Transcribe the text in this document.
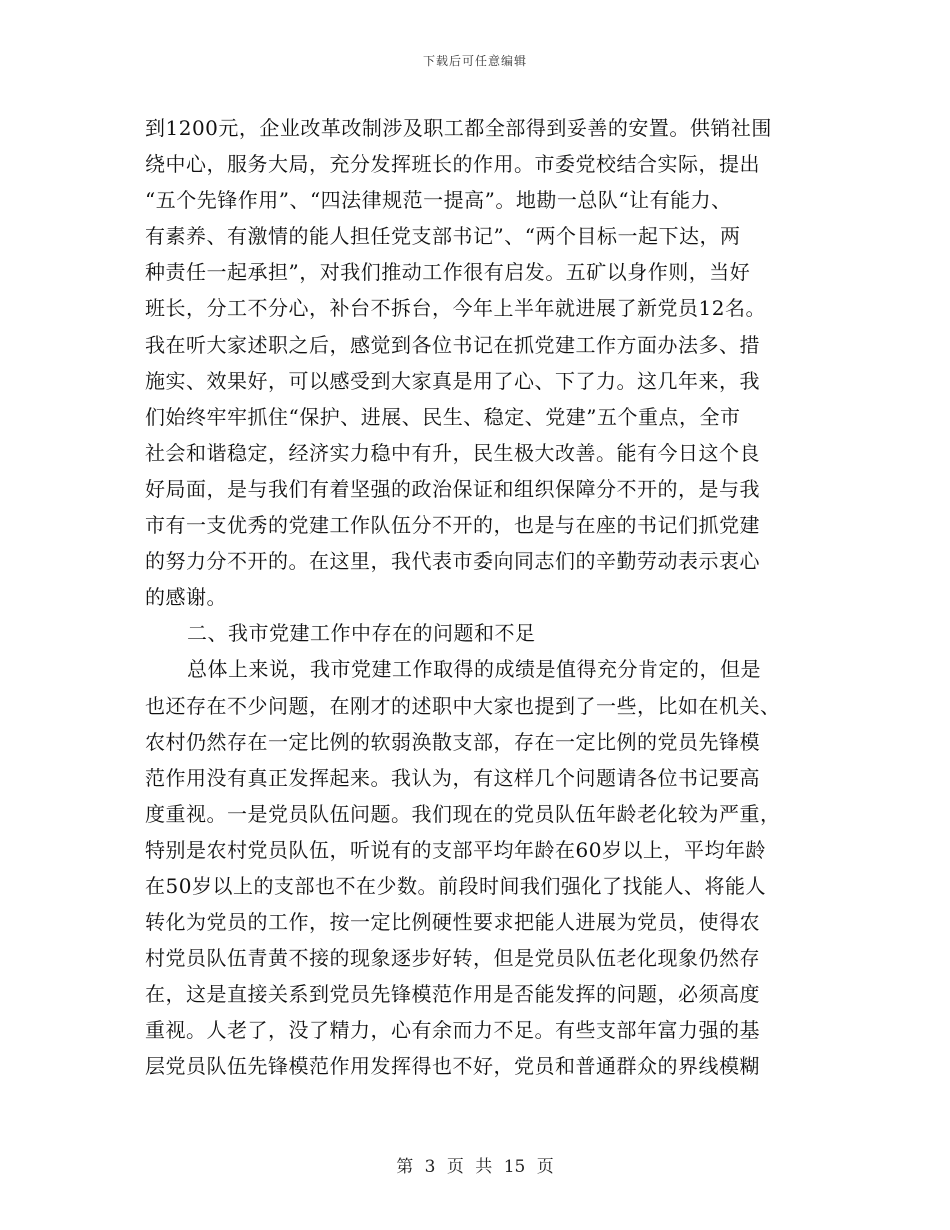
下载后可任意编辑
到1200元，企业改革改制涉及职工都全部得到妥善的安置。供销社围
绕中心，服务大局，充分发挥班长的作用。市委党校结合实际，提出
“五个先锋作用”、“四法律规范一提高”。地勘一总队“让有能力、
有素养、有激情的能人担任党支部书记”、“两个目标一起下达，两
种责任一起承担”，对我们推动工作很有启发。五矿以身作则，当好
班长，分工不分心，补台不拆台，今年上半年就进展了新党员12名。
我在听大家述职之后，感觉到各位书记在抓党建工作方面办法多、措
施实、效果好，可以感受到大家真是用了心、下了力。这几年来，我
们始终牢牢抓住“保护、进展、民生、稳定、党建”五个重点，全市
社会和谐稳定，经济实力稳中有升，民生极大改善。能有今日这个良
好局面，是与我们有着坚强的政治保证和组织保障分不开的，是与我
市有一支优秀的党建工作队伍分不开的，也是与在座的书记们抓党建
的努力分不开的。在这里，我代表市委向同志们的辛勤劳动表示衷心
的感谢。
二、我市党建工作中存在的问题和不足
总体上来说，我市党建工作取得的成绩是值得充分肯定的，但是
也还存在不少问题，在刚才的述职中大家也提到了一些，比如在机关、
农村仍然存在一定比例的软弱涣散支部，存在一定比例的党员先锋模
范作用没有真正发挥起来。我认为，有这样几个问题请各位书记要高
度重视。一是党员队伍问题。我们现在的党员队伍年龄老化较为严重，
特别是农村党员队伍，听说有的支部平均年龄在60岁以上，平均年龄
在50岁以上的支部也不在少数。前段时间我们强化了找能人、将能人
转化为党员的工作，按一定比例硬性要求把能人进展为党员，使得农
村党员队伍青黄不接的现象逐步好转，但是党员队伍老化现象仍然存
在，这是直接关系到党员先锋模范作用是否能发挥的问题，必须高度
重视。人老了，没了精力，心有余而力不足。有些支部年富力强的基
层党员队伍先锋模范作用发挥得也不好，党员和普通群众的界线模糊
第 3 页 共 15 页
